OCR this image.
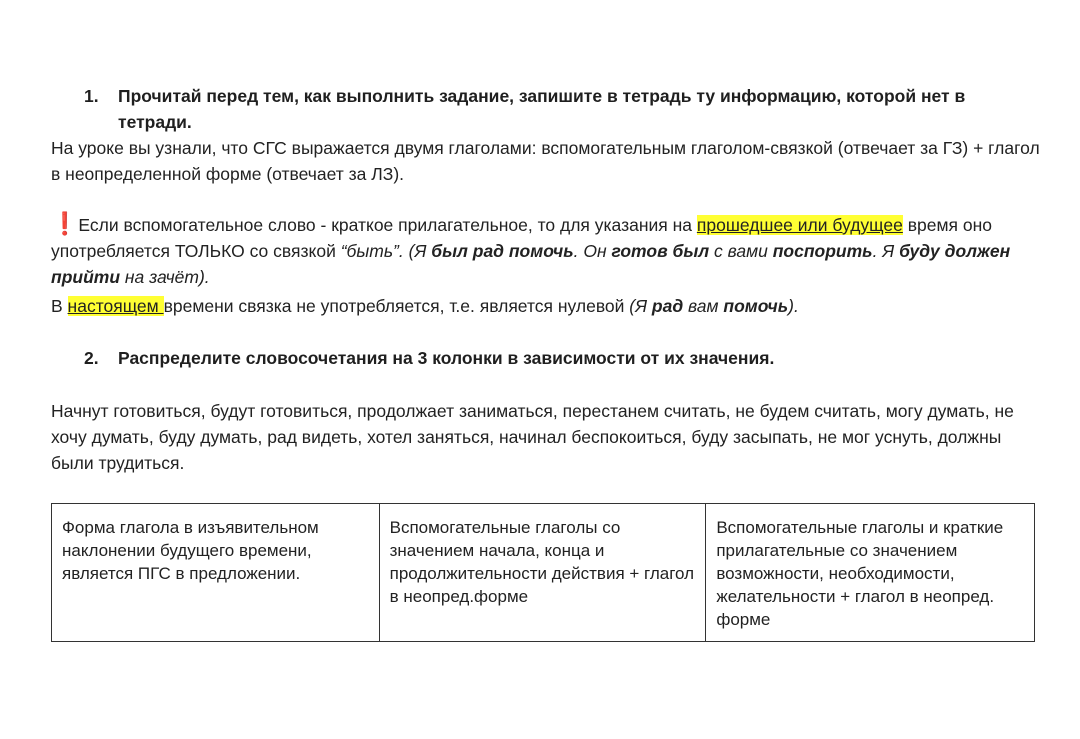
1. Прочитай перед тем, как выполнить задание, запишите в тетрадь ту информацию, которой нет в тетради.
На уроке вы узнали, что СГС выражается двумя глаголами: вспомогательным глаголом-связкой (отвечает за ГЗ) + глагол в неопределенной форме (отвечает за ЛЗ).
❗Если вспомогательное слово - краткое прилагательное, то для указания на прошедшее или будущее время оно употребляется ТОЛЬКО со связкой “быть”. (Я был рад помочь. Он готов был с вами поспорить. Я буду должен прийти на зачёт).
В настоящем времени связка не употребляется, т.е. является нулевой (Я рад вам помочь).
2. Распределите словосочетания на 3 колонки в зависимости от их значения.
Начнут готовиться, будут готовиться, продолжает заниматься, перестанем считать, не будем считать, могу думать, не хочу думать, буду думать, рад видеть, хотел заняться, начинал беспокоиться, буду засыпать, не мог уснуть, должны были трудиться.
Форма глагола в изъявительном наклонении будущего времени, является ПГС в предложении.	Вспомогательные глаголы со значением начала, конца и продолжительности действия + глагол в неопред.форме	Вспомогательные глаголы и краткие прилагательные со значением возможности, необходимости, желательности + глагол в неопред. форме
